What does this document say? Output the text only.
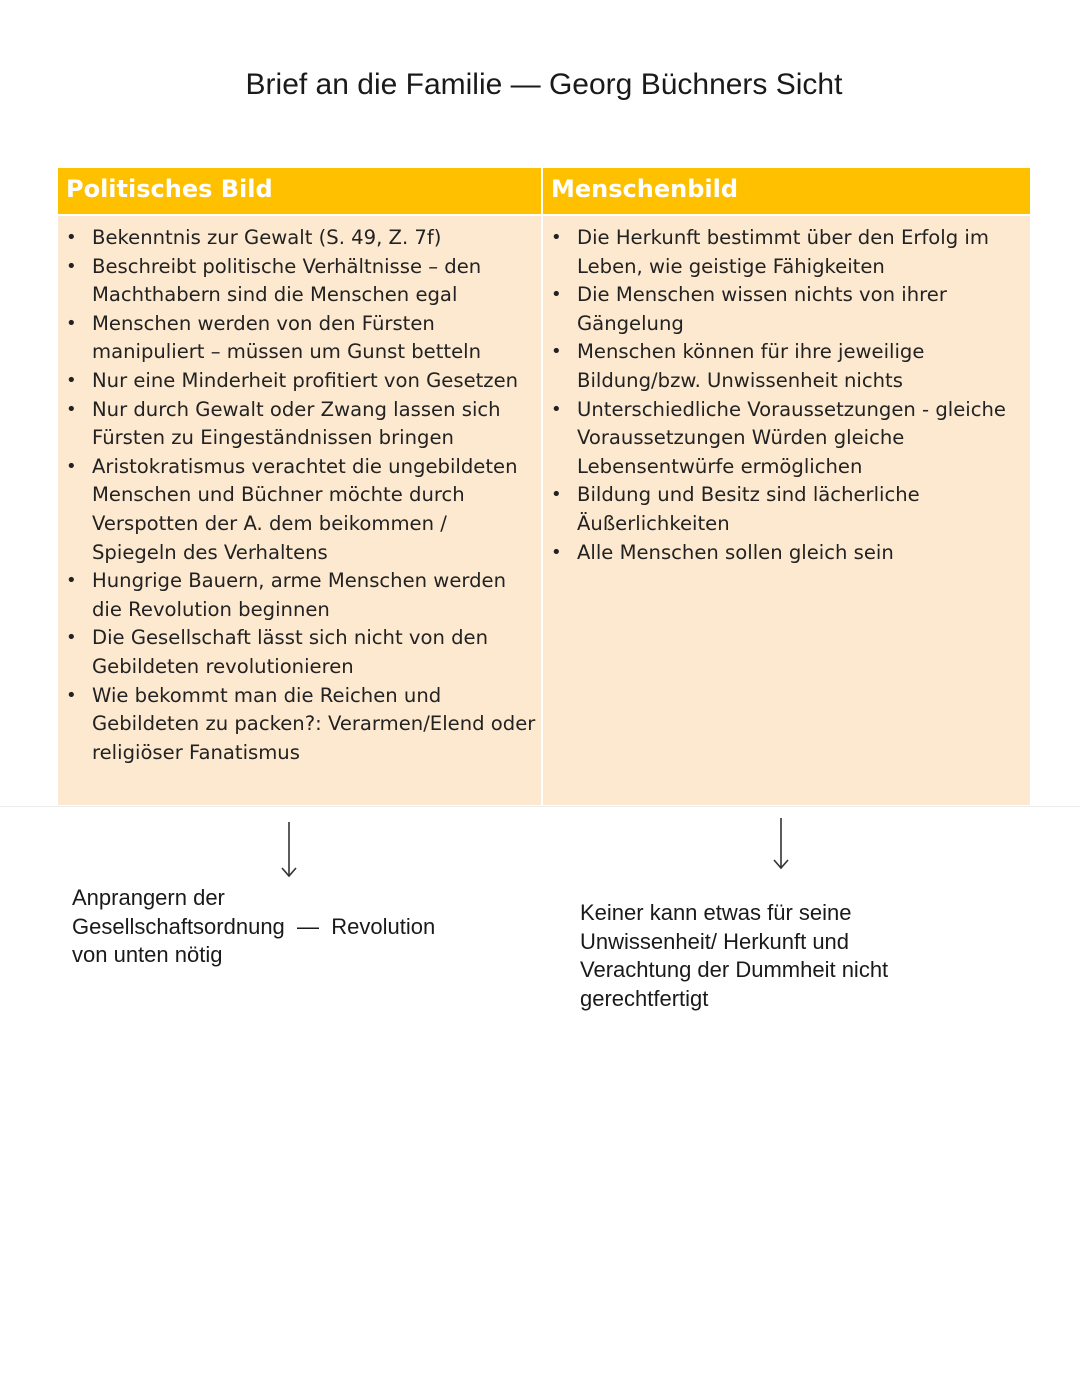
Brief an die Familie — Georg Büchners Sicht
Politisches Bild
• Bekenntnis zur Gewalt (S. 49, Z. 7f)
• Beschreibt politische Verhältnisse – den Machthabern sind die Menschen egal
• Menschen werden von den Fürsten manipuliert – müssen um Gunst betteln
• Nur eine Minderheit profitiert von Gesetzen
• Nur durch Gewalt oder Zwang lassen sich Fürsten zu Eingeständnissen bringen
• Aristokratismus verachtet die ungebildeten Menschen und Büchner möchte durch Verspotten der A. dem beikommen / Spiegeln des Verhaltens
• Hungrige Bauern, arme Menschen werden die Revolution beginnen
• Die Gesellschaft lässt sich nicht von den Gebildeten revolutionieren
• Wie bekommt man die Reichen und Gebildeten zu packen?: Verarmen/Elend oder religiöser Fanatismus
Menschenbild
• Die Herkunft bestimmt über den Erfolg im Leben, wie geistige Fähigkeiten
• Die Menschen wissen nichts von ihrer Gängelung
• Menschen können für ihre jeweilige Bildung/bzw. Unwissenheit nichts
• Unterschiedliche Voraussetzungen - gleiche Voraussetzungen Würden gleiche Lebensentwürfe ermöglichen
• Bildung und Besitz sind lächerliche Äußerlichkeiten
• Alle Menschen sollen gleich sein
Anprangern der
Gesellschaftsordnung  —  Revolution
von unten nötig
Keiner kann etwas für seine
Unwissenheit/ Herkunft und
Verachtung der Dummheit nicht
gerechtfertigt
